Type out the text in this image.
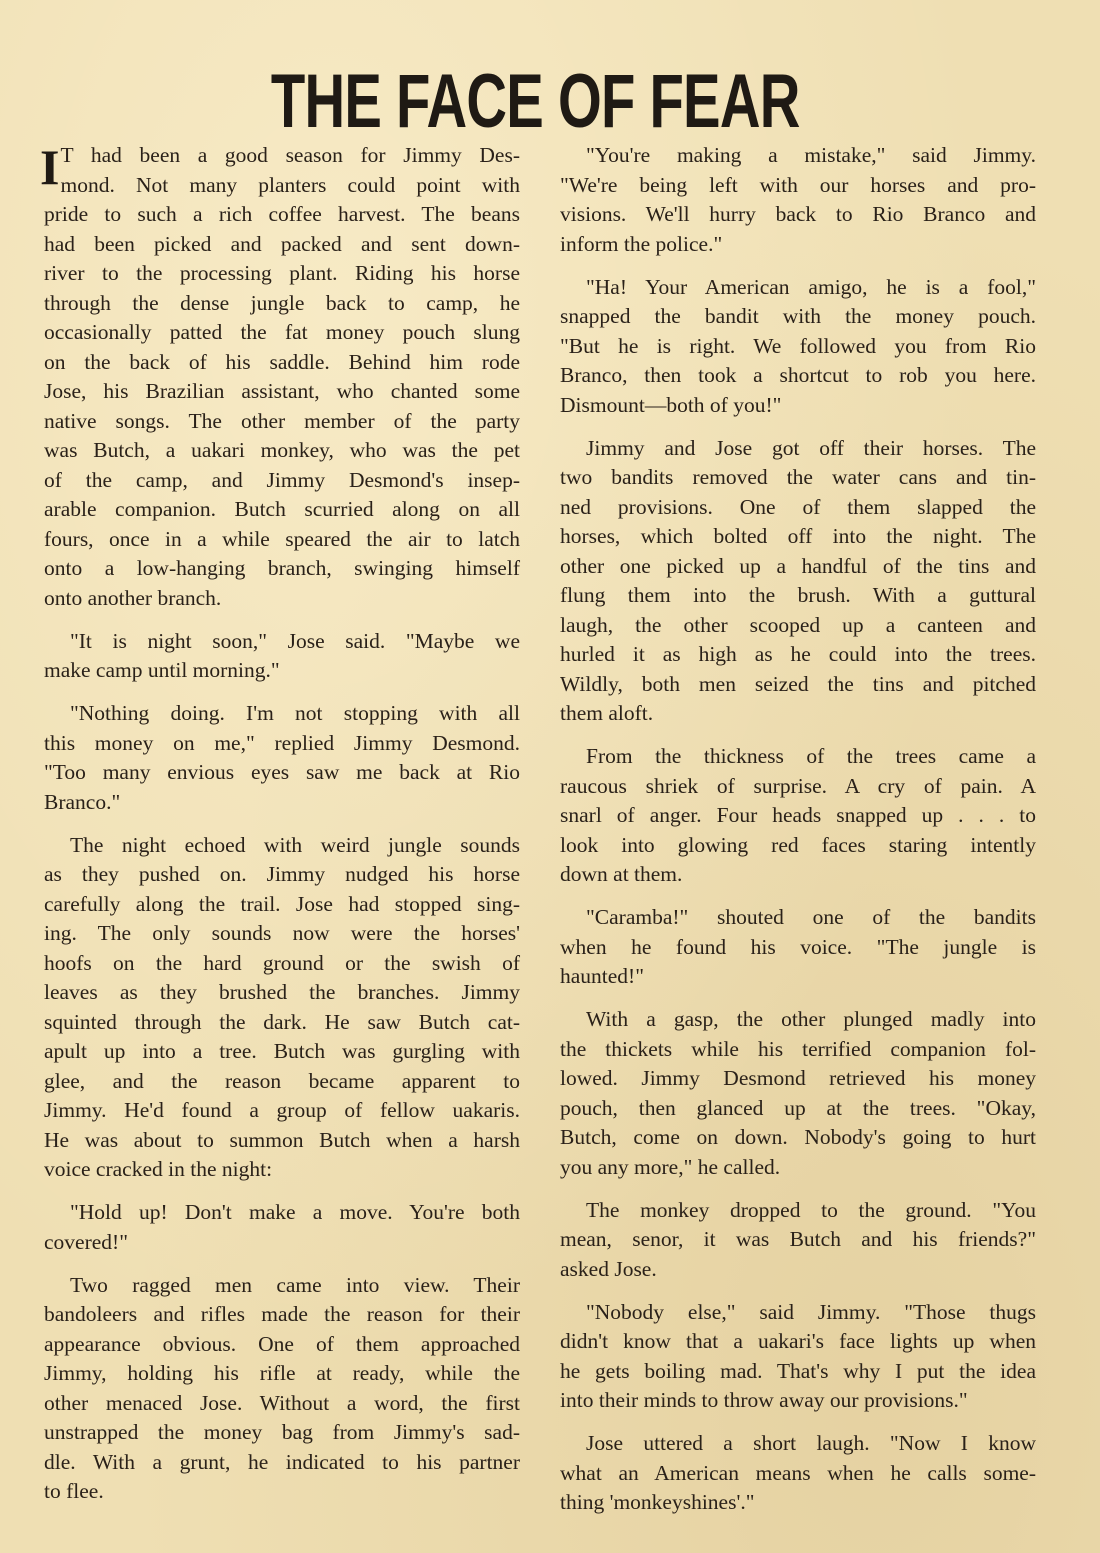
THE FACE OF FEAR
I T had been a good season for Jimmy Des-
mond. Not many planters could point with
pride to such a rich coffee harvest. The beans
had been picked and packed and sent down-
river to the processing plant. Riding his horse
through the dense jungle back to camp, he
occasionally patted the fat money pouch slung
on the back of his saddle. Behind him rode
Jose, his Brazilian assistant, who chanted some
native songs. The other member of the party
was Butch, a uakari monkey, who was the pet
of the camp, and Jimmy Desmond's insep-
arable companion. Butch scurried along on all
fours, once in a while speared the air to latch
onto a low-hanging branch, swinging himself
onto another branch.
"It is night soon," Jose said. "Maybe we
make camp until morning."
"Nothing doing. I'm not stopping with all
this money on me," replied Jimmy Desmond.
"Too many envious eyes saw me back at Rio
Branco."
The night echoed with weird jungle sounds
as they pushed on. Jimmy nudged his horse
carefully along the trail. Jose had stopped sing-
ing. The only sounds now were the horses'
hoofs on the hard ground or the swish of
leaves as they brushed the branches. Jimmy
squinted through the dark. He saw Butch cat-
apult up into a tree. Butch was gurgling with
glee, and the reason became apparent to
Jimmy. He'd found a group of fellow uakaris.
He was about to summon Butch when a harsh
voice cracked in the night:
"Hold up! Don't make a move. You're both
covered!"
Two ragged men came into view. Their
bandoleers and rifles made the reason for their
appearance obvious. One of them approached
Jimmy, holding his rifle at ready, while the
other menaced Jose. Without a word, the first
unstrapped the money bag from Jimmy's sad-
dle. With a grunt, he indicated to his partner
to flee.
"You're making a mistake," said Jimmy.
"We're being left with our horses and pro-
visions. We'll hurry back to Rio Branco and
inform the police."
"Ha! Your American amigo, he is a fool,"
snapped the bandit with the money pouch.
"But he is right. We followed you from Rio
Branco, then took a shortcut to rob you here.
Dismount—both of you!"
Jimmy and Jose got off their horses. The
two bandits removed the water cans and tin-
ned provisions. One of them slapped the
horses, which bolted off into the night. The
other one picked up a handful of the tins and
flung them into the brush. With a guttural
laugh, the other scooped up a canteen and
hurled it as high as he could into the trees.
Wildly, both men seized the tins and pitched
them aloft.
From the thickness of the trees came a
raucous shriek of surprise. A cry of pain. A
snarl of anger. Four heads snapped up . . . to
look into glowing red faces staring intently
down at them.
"Caramba!" shouted one of the bandits
when he found his voice. "The jungle is
haunted!"
With a gasp, the other plunged madly into
the thickets while his terrified companion fol-
lowed. Jimmy Desmond retrieved his money
pouch, then glanced up at the trees. "Okay,
Butch, come on down. Nobody's going to hurt
you any more," he called.
The monkey dropped to the ground. "You
mean, senor, it was Butch and his friends?"
asked Jose.
"Nobody else," said Jimmy. "Those thugs
didn't know that a uakari's face lights up when
he gets boiling mad. That's why I put the idea
into their minds to throw away our provisions."
Jose uttered a short laugh. "Now I know
what an American means when he calls some-
thing 'monkeyshines'."
